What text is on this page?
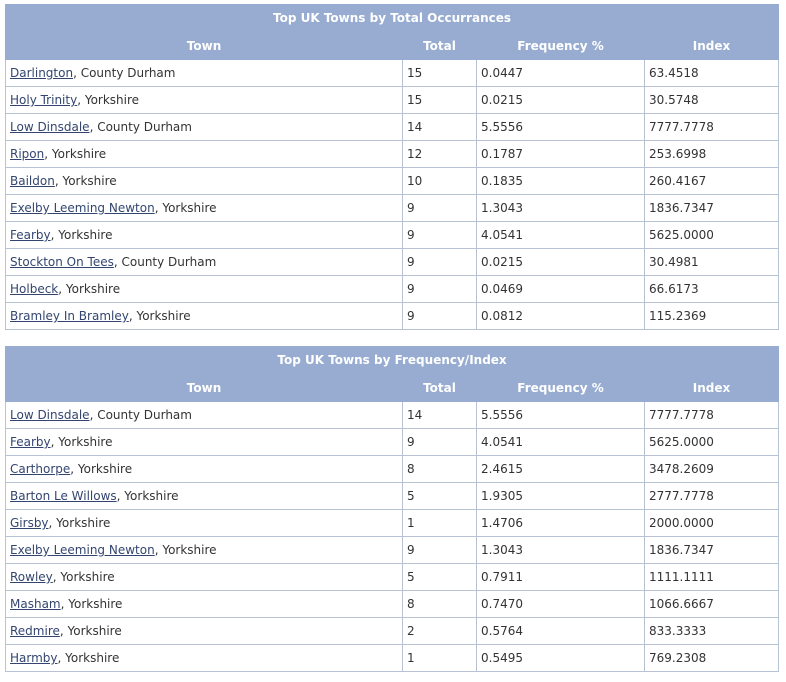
Top UK Towns by Total Occurrances			
Town	Total	Frequency %	Index
Darlington, County Durham	15	0.0447	63.4518
Holy Trinity, Yorkshire	15	0.0215	30.5748
Low Dinsdale, County Durham	14	5.5556	7777.7778
Ripon, Yorkshire	12	0.1787	253.6998
Baildon, Yorkshire	10	0.1835	260.4167
Exelby Leeming Newton, Yorkshire	9	1.3043	1836.7347
Fearby, Yorkshire	9	4.0541	5625.0000
Stockton On Tees, County Durham	9	0.0215	30.4981
Holbeck, Yorkshire	9	0.0469	66.6173
Bramley In Bramley, Yorkshire	9	0.0812	115.2369
Top UK Towns by Frequency/Index			
Town	Total	Frequency %	Index
Low Dinsdale, County Durham	14	5.5556	7777.7778
Fearby, Yorkshire	9	4.0541	5625.0000
Carthorpe, Yorkshire	8	2.4615	3478.2609
Barton Le Willows, Yorkshire	5	1.9305	2777.7778
Girsby, Yorkshire	1	1.4706	2000.0000
Exelby Leeming Newton, Yorkshire	9	1.3043	1836.7347
Rowley, Yorkshire	5	0.7911	1111.1111
Masham, Yorkshire	8	0.7470	1066.6667
Redmire, Yorkshire	2	0.5764	833.3333
Harmby, Yorkshire	1	0.5495	769.2308
